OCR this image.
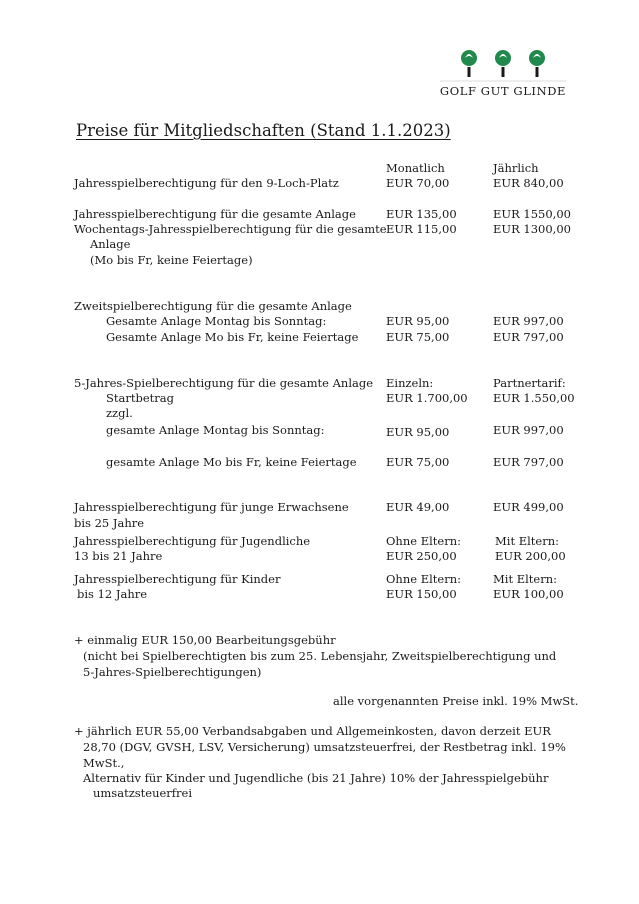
GOLF GUT GLINDE
Preise für Mitgliedschaften (Stand 1.1.2023)
Monatlich	Jährlich
Jahresspielberechtigung für den 9-Loch-Platz	EUR 70,00	EUR 840,00
Jahresspielberechtigung für die gesamte Anlage	EUR 135,00	EUR 1550,00
Wochentags-Jahresspielberechtigung für die gesamte
Anlage
(Mo bis Fr, keine Feiertage)
EUR 115,00	EUR 1300,00
Zweitspielberechtigung für die gesamte Anlage
Gesamte Anlage Montag bis Sonntag:	EUR 95,00	EUR 997,00
Gesamte Anlage Mo bis Fr, keine Feiertage EUR 75,00	EUR 797,00
5-Jahres-Spielberechtigung für die gesamte Anlage Einzeln:	Partnertarif:
Startbetrag	EUR 1.700,00 EUR 1.550,00
zzgl.
gesamte Anlage Montag bis Sonntag:	EUR 95,00	EUR 997,00
gesamte Anlage Mo bis Fr, keine Feiertage	EUR 75,00	EUR 797,00
Jahresspielberechtigung für junge Erwachsene
bis 25 Jahre
EUR 49,00	EUR 499,00
Jahresspielberechtigung für Jugendliche
13 bis 21 Jahre
Ohne Eltern:	Mit Eltern:
EUR 250,00	EUR 200,00
Jahresspielberechtigung für Kinder
bis 12 Jahre
Ohne Eltern:	Mit Eltern:
EUR 150,00	EUR 100,00
+ einmalig EUR 150,00 Bearbeitungsgebühr
(nicht bei Spielberechtigten bis zum 25. Lebensjahr, Zweitspielberechtigung und
5-Jahres-Spielberechtigungen)
alle vorgenannten Preise inkl. 19% MwSt.
+ jährlich EUR 55,00 Verbandsabgaben und Allgemeinkosten, davon derzeit EUR
28,70 (DGV, GVSH, LSV, Versicherung) umsatzsteuerfrei, der Restbetrag inkl. 19%
MwSt.,
Alternativ für Kinder und Jugendliche (bis 21 Jahre) 10% der Jahresspielgebühr
umsatzsteuerfrei
